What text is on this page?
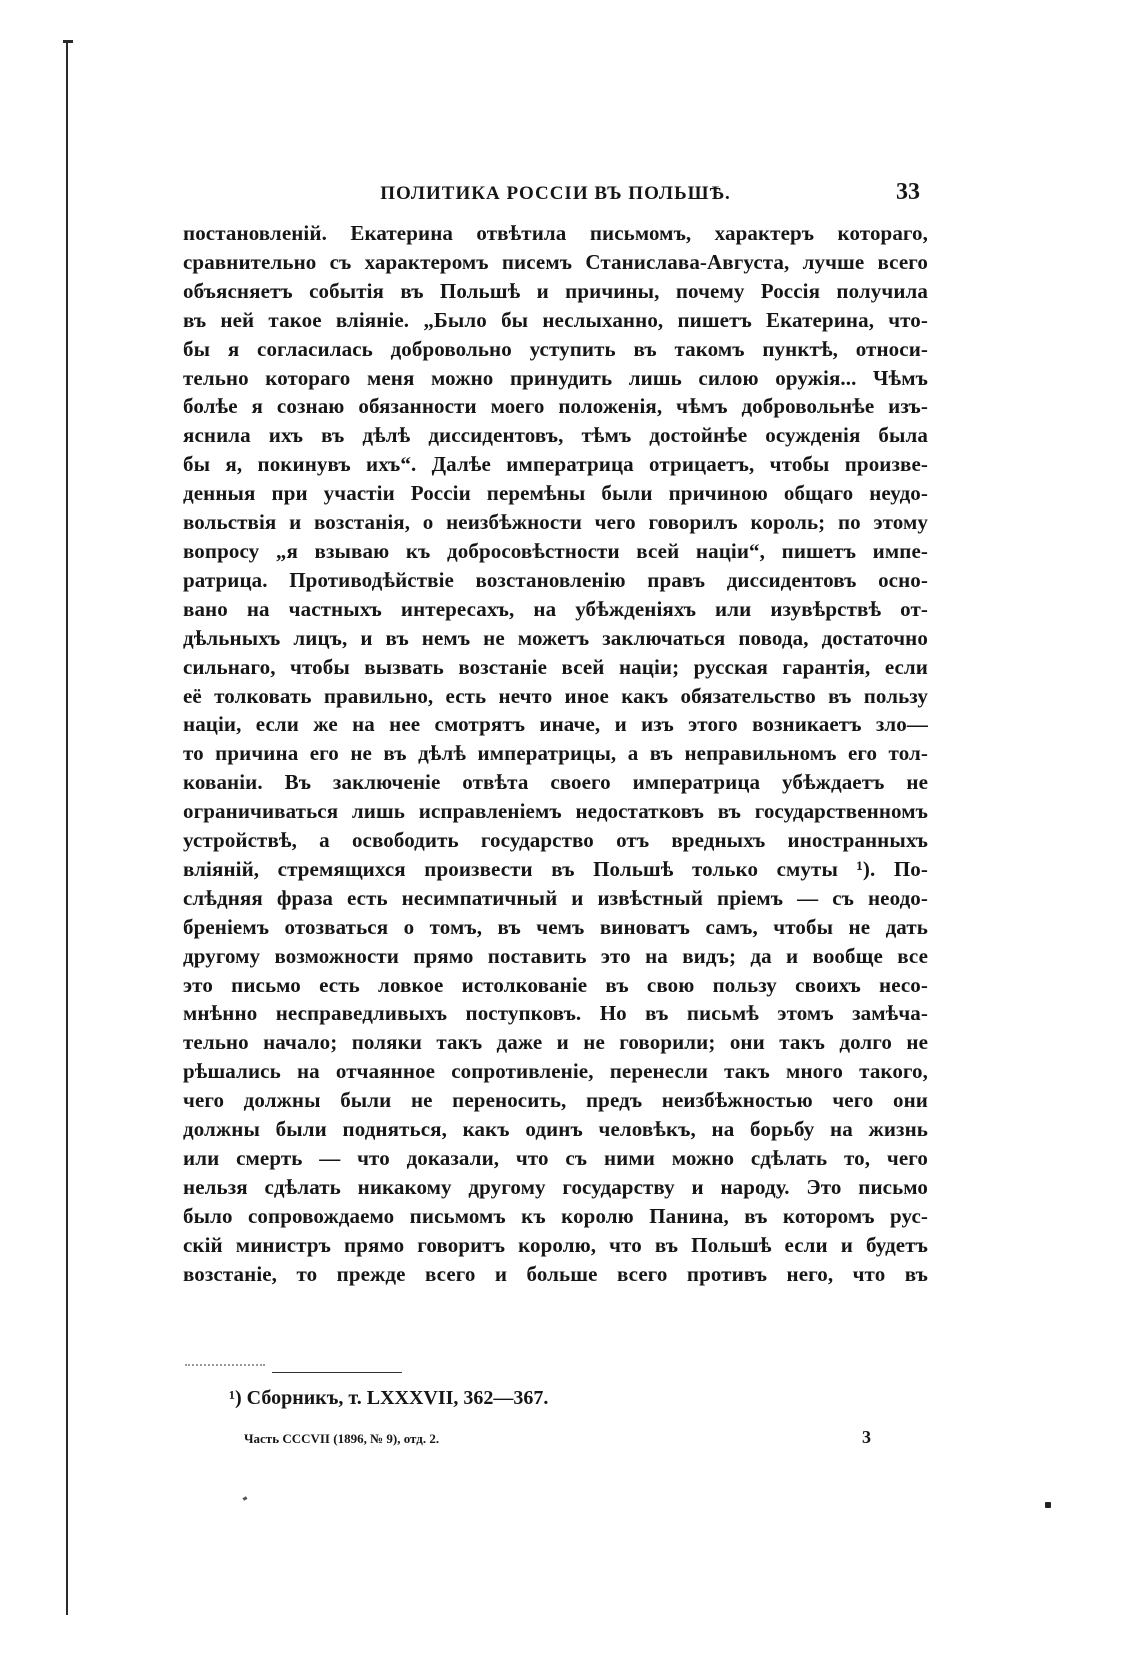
ПОЛИТИКА РОССIИ ВЪ ПОЛЬШѢ.	33
постановленій. Екатерина отвѣтила письмомъ, характеръ котораго,
сравнительно съ характеромъ писемъ Станислава-Августа, лучше всего
объясняетъ событія въ Польшѣ и причины, почему Россія получила
въ ней такое вліяніе. „Было бы неслыханно, пишетъ Екатерина, что-
бы я согласилась добровольно уступить въ такомъ пунктѣ, относи-
тельно котораго меня можно принудить лишь силою оружія... Чѣмъ
болѣе я сознаю обязанности моего положенія, чѣмъ добровольнѣе изъ-
яснила ихъ въ дѣлѣ диссидентовъ, тѣмъ достойнѣе осужденія была
бы я, покинувъ ихъ“. Далѣе императрица отрицаетъ, чтобы произве-
денныя при участіи Россіи перемѣны были причиною общаго неудо-
вольствія и возстанія, о неизбѣжности чего говорилъ король; по этому
вопросу „я взываю къ добросовѣстности всей націи“, пишетъ импе-
ратрица. Противодѣйствіе возстановленію правъ диссидентовъ осно-
вано на частныхъ интересахъ, на убѣжденіяхъ или изувѣрствѣ от-
дѣльныхъ лицъ, и въ немъ не можетъ заключаться повода, достаточно
сильнаго, чтобы вызвать возстаніе всей націи; русская гарантія, если
её толковать правильно, есть нечто иное какъ обязательство въ пользу
націи, если же на нее смотрятъ иначе, и изъ этого возникаетъ зло—
то причина его не въ дѣлѣ императрицы, а въ неправильномъ его тол-
кованіи. Въ заключеніе отвѣта своего императрица убѣждаетъ не
ограничиваться лишь исправленіемъ недостатковъ въ государственномъ
устройствѣ, а освободить государство отъ вредныхъ иностранныхъ
вліяній, стремящихся произвести въ Польшѣ только смуты ¹). По-
слѣдняя фраза есть несимпатичный и извѣстный пріемъ — съ неодо-
бреніемъ отозваться о томъ, въ чемъ виноватъ самъ, чтобы не дать
другому возможности прямо поставить это на видъ; да и вообще все
это письмо есть ловкое истолкованіе въ свою пользу своихъ несо-
мнѣнно несправедливыхъ поступковъ. Но въ письмѣ этомъ замѣча-
тельно начало; поляки такъ даже и не говорили; они такъ долго не
рѣшались на отчаянное сопротивленіе, перенесли такъ много такого,
чего должны были не переносить, предъ неизбѣжностью чего они
должны были подняться, какъ одинъ человѣкъ, на борьбу на жизнь
или смерть — что доказали, что съ ними можно сдѣлать то, чего
нельзя сдѣлать никакому другому государству и народу. Это письмо
было сопровождаемо письмомъ къ королю Панина, въ которомъ рус-
скій министръ прямо говоритъ королю, что въ Польшѣ если и будетъ
возстаніе, то прежде всего и больше всего противъ него, что въ
¹) Сборникъ, т. LXXXVII, 362—367.
Часть CCCVII (1896, № 9), отд. 2.	3
